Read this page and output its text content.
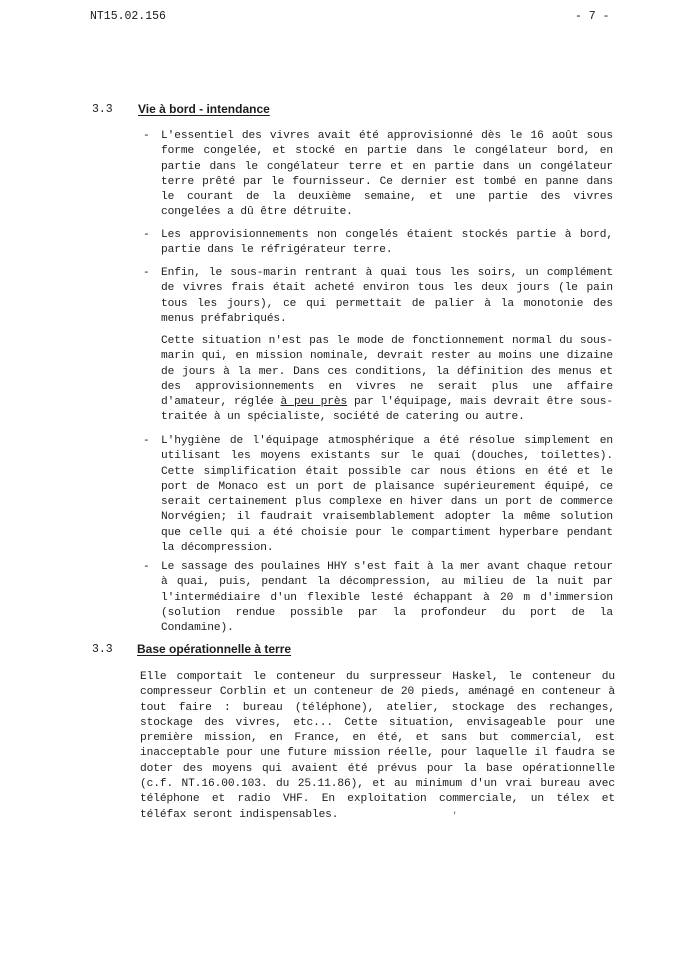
NT15.02.156	- 7 -
3.3 Vie à bord - intendance
- L'essentiel des vivres avait été approvisionné dès le 16 août sous forme congelée, et stocké en partie dans le congélateur bord, en partie dans le congélateur terre et en partie dans un congélateur terre prêté par le fournisseur. Ce dernier est tombé en panne dans le courant de la deuxième semaine, et une partie des vivres congelées a dû être détruite.
- Les approvisionnements non congelés étaient stockés partie à bord, partie dans le réfrigérateur terre.
- Enfin, le sous-marin rentrant à quai tous les soirs, un complément de vivres frais était acheté environ tous les deux jours (le pain tous les jours), ce qui permettait de palier à la monotonie des menus préfabriqués.
Cette situation n'est pas le mode de fonctionnement normal du sous-marin qui, en mission nominale, devrait rester au moins une dizaine de jours à la mer. Dans ces conditions, la définition des menus et des approvisionnements en vivres ne serait plus une affaire d'amateur, réglée à peu près par l'équipage, mais devrait être sous-traitée à un spécialiste, société de catering ou autre.
- L'hygiène de l'équipage atmosphérique a été résolue simplement en utilisant les moyens existants sur le quai (douches, toilettes). Cette simplification était possible car nous étions en été et le port de Monaco est un port de plaisance supérieurement équipé, ce serait certainement plus complexe en hiver dans un port de commerce Norvégien; il faudrait vraisemblablement adopter la même solution que celle qui a été choisie pour le compartiment hyperbare pendant la décompression.
- Le sassage des poulaines HHY s'est fait à la mer avant chaque retour à quai, puis, pendant la décompression, au milieu de la nuit par l'intermédiaire d'un flexible lesté échappant à 20 m d'immersion (solution rendue possible par la profondeur du port de la Condamine).
3.3 Base opérationnelle à terre
Elle comportait le conteneur du surpresseur Haskel, le conteneur du compresseur Corblin et un conteneur de 20 pieds, aménagé en conteneur à tout faire : bureau (téléphone), atelier, stockage des rechanges, stockage des vivres, etc... Cette situation, envisageable pour une première mission, en France, en été, et sans but commercial, est inacceptable pour une future mission réelle, pour laquelle il faudra se doter des moyens qui avaient été prévus pour la base opérationnelle (c.f. NT.16.00.103. du 25.11.86), et au minimum d'un vrai bureau avec téléphone et radio VHF. En exploitation commerciale, un télex et téléfax seront indispensables.	'
